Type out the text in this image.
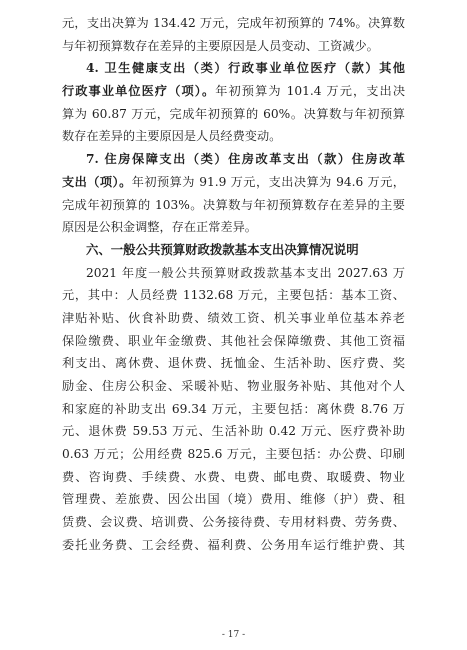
元，支出决算为 134.42 万元，完成年初预算的 74%。决算数
与年初预算数存在差异的主要原因是人员变动、工资减少。
4. 卫生健康支出（类）行政事业单位医疗（款）其他
行政事业单位医疗（项）。年初预算为 101.4 万元，支出决
算为 60.87 万元，完成年初预算的 60%。决算数与年初预算
数存在差异的主要原因是人员经费变动。
7. 住房保障支出（类）住房改革支出（款）住房改革
支出（项）。年初预算为 91.9 万元，支出决算为 94.6 万元，
完成年初预算的 103%。决算数与年初预算数存在差异的主要
原因是公积金调整，存在正常差异。
六、一般公共预算财政拨款基本支出决算情况说明
2021 年度一般公共预算财政拨款基本支出 2027.63 万
元，其中：人员经费 1132.68 万元，主要包括：基本工资、
津贴补贴、伙食补助费、绩效工资、机关事业单位基本养老
保险缴费、职业年金缴费、其他社会保障缴费、其他工资福
利支出、离休费、退休费、抚恤金、生活补助、医疗费、奖
励金、住房公积金、采暖补贴、物业服务补贴、其他对个人
和家庭的补助支出 69.34 万元，主要包括：离休费 8.76 万
元、退休费 59.53 万元、生活补助 0.42 万元、医疗费补助
0.63 万元；公用经费 825.6 万元，主要包括：办公费、印刷
费、咨询费、手续费、水费、电费、邮电费、取暖费、物业
管理费、差旅费、因公出国（境）费用、维修（护）费、租
赁费、会议费、培训费、公务接待费、专用材料费、劳务费、
委托业务费、工会经费、福利费、公务用车运行维护费、其
- 17 -
